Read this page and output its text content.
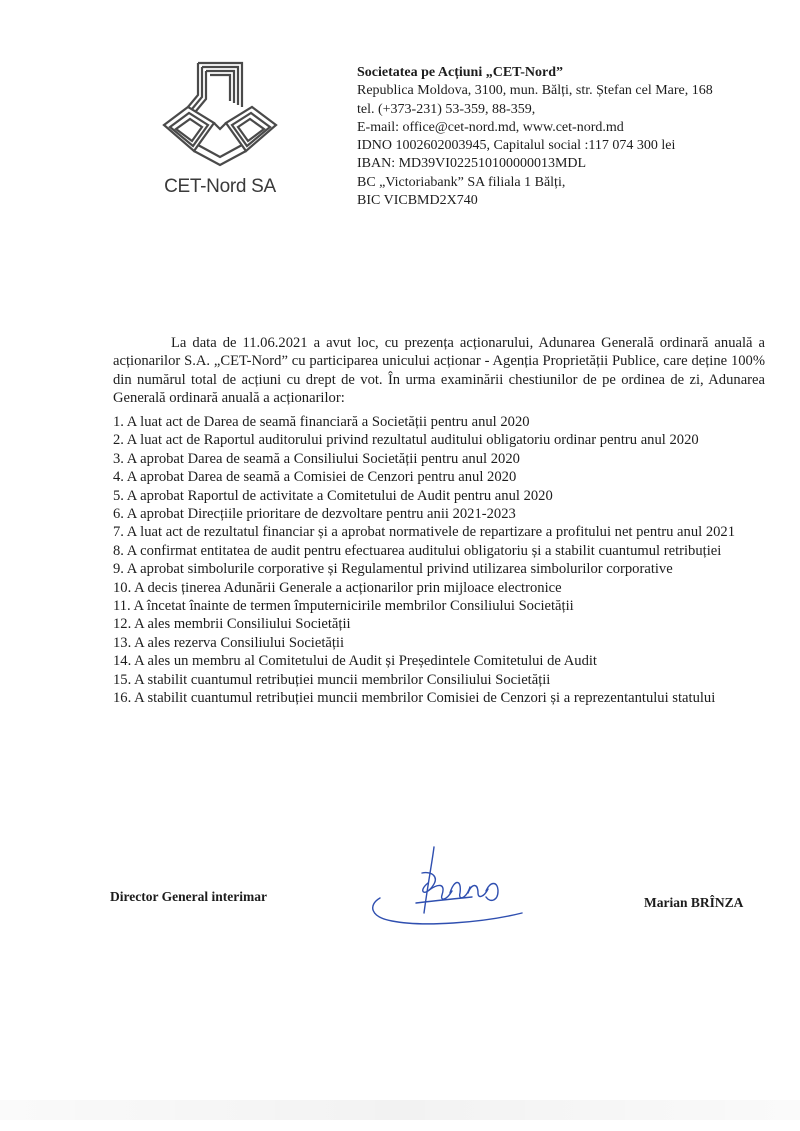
CET-Nord SA
Societatea pe Acțiuni „CET-Nord”
Republica Moldova, 3100, mun. Bălți, str. Ștefan cel Mare, 168
tel. (+373-231) 53-359, 88-359,
E-mail: office@cet-nord.md, www.cet-nord.md
IDNO 1002602003945, Capitalul social :117 074 300 lei
IBAN: MD39VI022510100000013MDL
BC „Victoriabank” SA filiala 1 Bălți,
BIC VICBMD2X740
La data de 11.06.2021 a avut loc, cu prezența acționarului, Adunarea Generală ordinară anuală a acționarilor S.A. „CET-Nord” cu participarea unicului acționar - Agenția Proprietății Publice, care deține 100% din numărul total de acțiuni cu drept de vot. În urma examinării chestiunilor de pe ordinea de zi, Adunarea Generală ordinară anuală a acționarilor:
1. A luat act de Darea de seamă financiară a Societății pentru anul 2020
2. A luat act de Raportul auditorului privind rezultatul auditului obligatoriu ordinar pentru anul 2020
3. A aprobat Darea de seamă a Consiliului Societății pentru anul 2020
4. A aprobat Darea de seamă a Comisiei de Cenzori pentru anul 2020
5. A aprobat Raportul de activitate a Comitetului de Audit pentru anul 2020
6. A aprobat Direcțiile prioritare de dezvoltare pentru anii 2021-2023
7. A luat act de rezultatul financiar și a aprobat normativele de repartizare a profitului net pentru anul 2021
8. A confirmat entitatea de audit pentru efectuarea auditului obligatoriu și a stabilit cuantumul retribuției
9. A aprobat simbolurile corporative și Regulamentul privind utilizarea simbolurilor corporative
10. A decis ținerea Adunării Generale a acționarilor prin mijloace electronice
11. A încetat înainte de termen împuternicirile membrilor Consiliului Societății
12. A ales membrii Consiliului Societății
13. A ales rezerva Consiliului Societății
14. A ales un membru al Comitetului de Audit și Președintele Comitetului de Audit
15. A stabilit cuantumul retribuției muncii membrilor Consiliului Societății
16. A stabilit cuantumul retribuției muncii membrilor Comisiei de Cenzori și a reprezentantului statului
Director General interimar	Marian BRÎNZA
